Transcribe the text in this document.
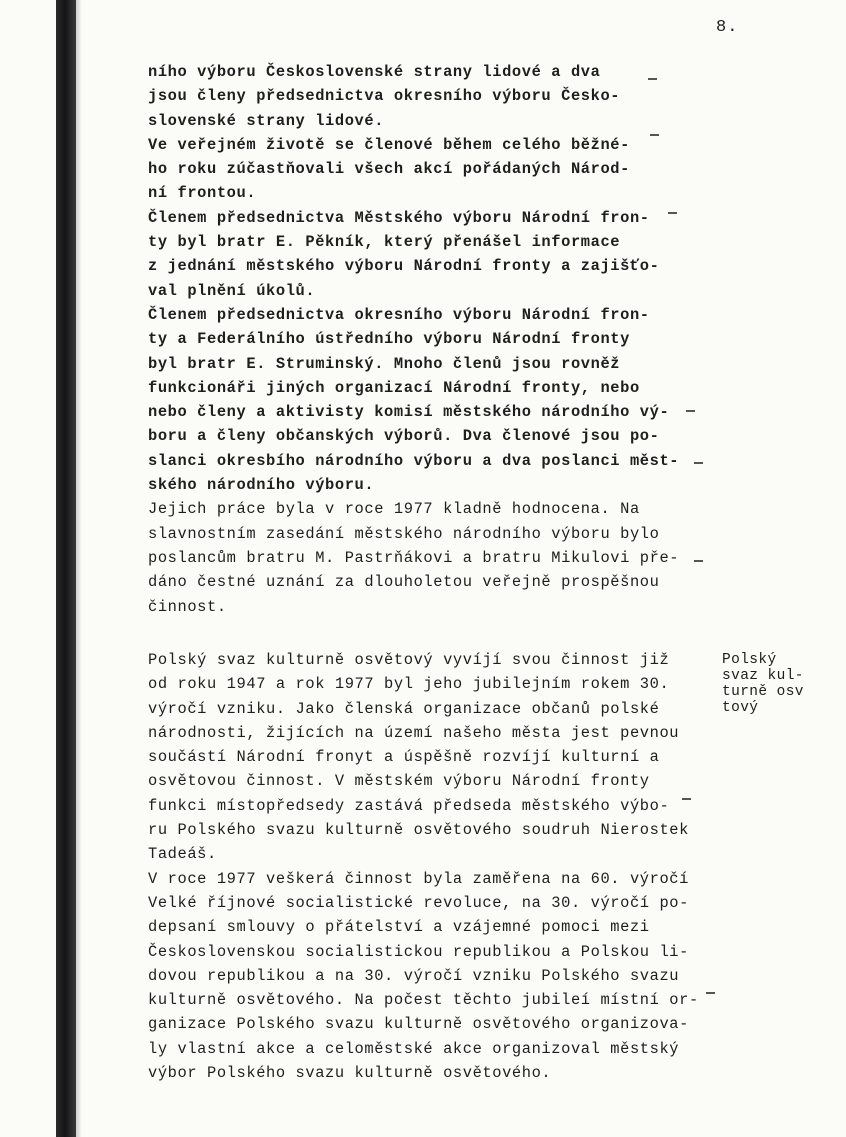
8.
ního výboru Československé strany lidové a dva
jsou členy předsednictva okresního výboru Česko-
slovenské strany lidové.
Ve veřejném životě se členové během celého běžné-
ho roku zúčastňovali všech akcí pořádaných Národ-
ní frontou.
Členem předsednictva Městského výboru Národní fron-
ty byl bratr E. Pěkník, který přenášel informace
z jednání městského výboru Národní fronty a zajišťo-
val plnění úkolů.
Členem předsednictva okresního výboru Národní fron-
ty a Federálního ústředního výboru Národní fronty
byl bratr E. Struminský. Mnoho členů jsou rovněž
funkcionáři jiných organizací Národní fronty, nebo
nebo členy a aktivisty komisí městského národního vý-
boru a členy občanských výborů. Dva členové jsou po-
slanci okresbího národního výboru a dva poslanci měst-
ského národního výboru.
Jejich práce byla v roce 1977 kladně hodnocena. Na
slavnostním zasedání městského národního výboru bylo
poslancům bratru M. Pastrňákovi a bratru Mikulovi pře-
dáno čestné uznání za dlouholetou veřejně prospěšnou
činnost.
Polský svaz kulturně osvětový vyvíjí svou činnost již
od roku 1947 a rok 1977 byl jeho jubilejním rokem 30.
výročí vzniku. Jako členská organizace občanů polské
národnosti, žijících na území našeho města jest pevnou
součástí Národní fronyt a úspěšně rozvíjí kulturní a
osvětovou činnost. V městském výboru Národní fronty
funkci místopředsedy zastává předseda městského výbo-
ru Polského svazu kulturně osvětového soudruh Nierostek
Tadeáš.
V roce 1977 veškerá činnost byla zaměřena na 60. výročí
Velké říjnové socialistické revoluce, na 30. výročí po-
depsaní smlouvy o přátelství a vzájemné pomoci mezi
Československou socialistickou republikou a Polskou li-
dovou republikou a na 30. výročí vzniku Polského svazu
kulturně osvětového. Na počest těchto jubileí místní or-
ganizace Polského svazu kulturně osvětového organizova-
ly vlastní akce a celoměstské akce organizoval městský
výbor Polského svazu kulturně osvětového.
Polský
svaz kul-
turně osv
tový
